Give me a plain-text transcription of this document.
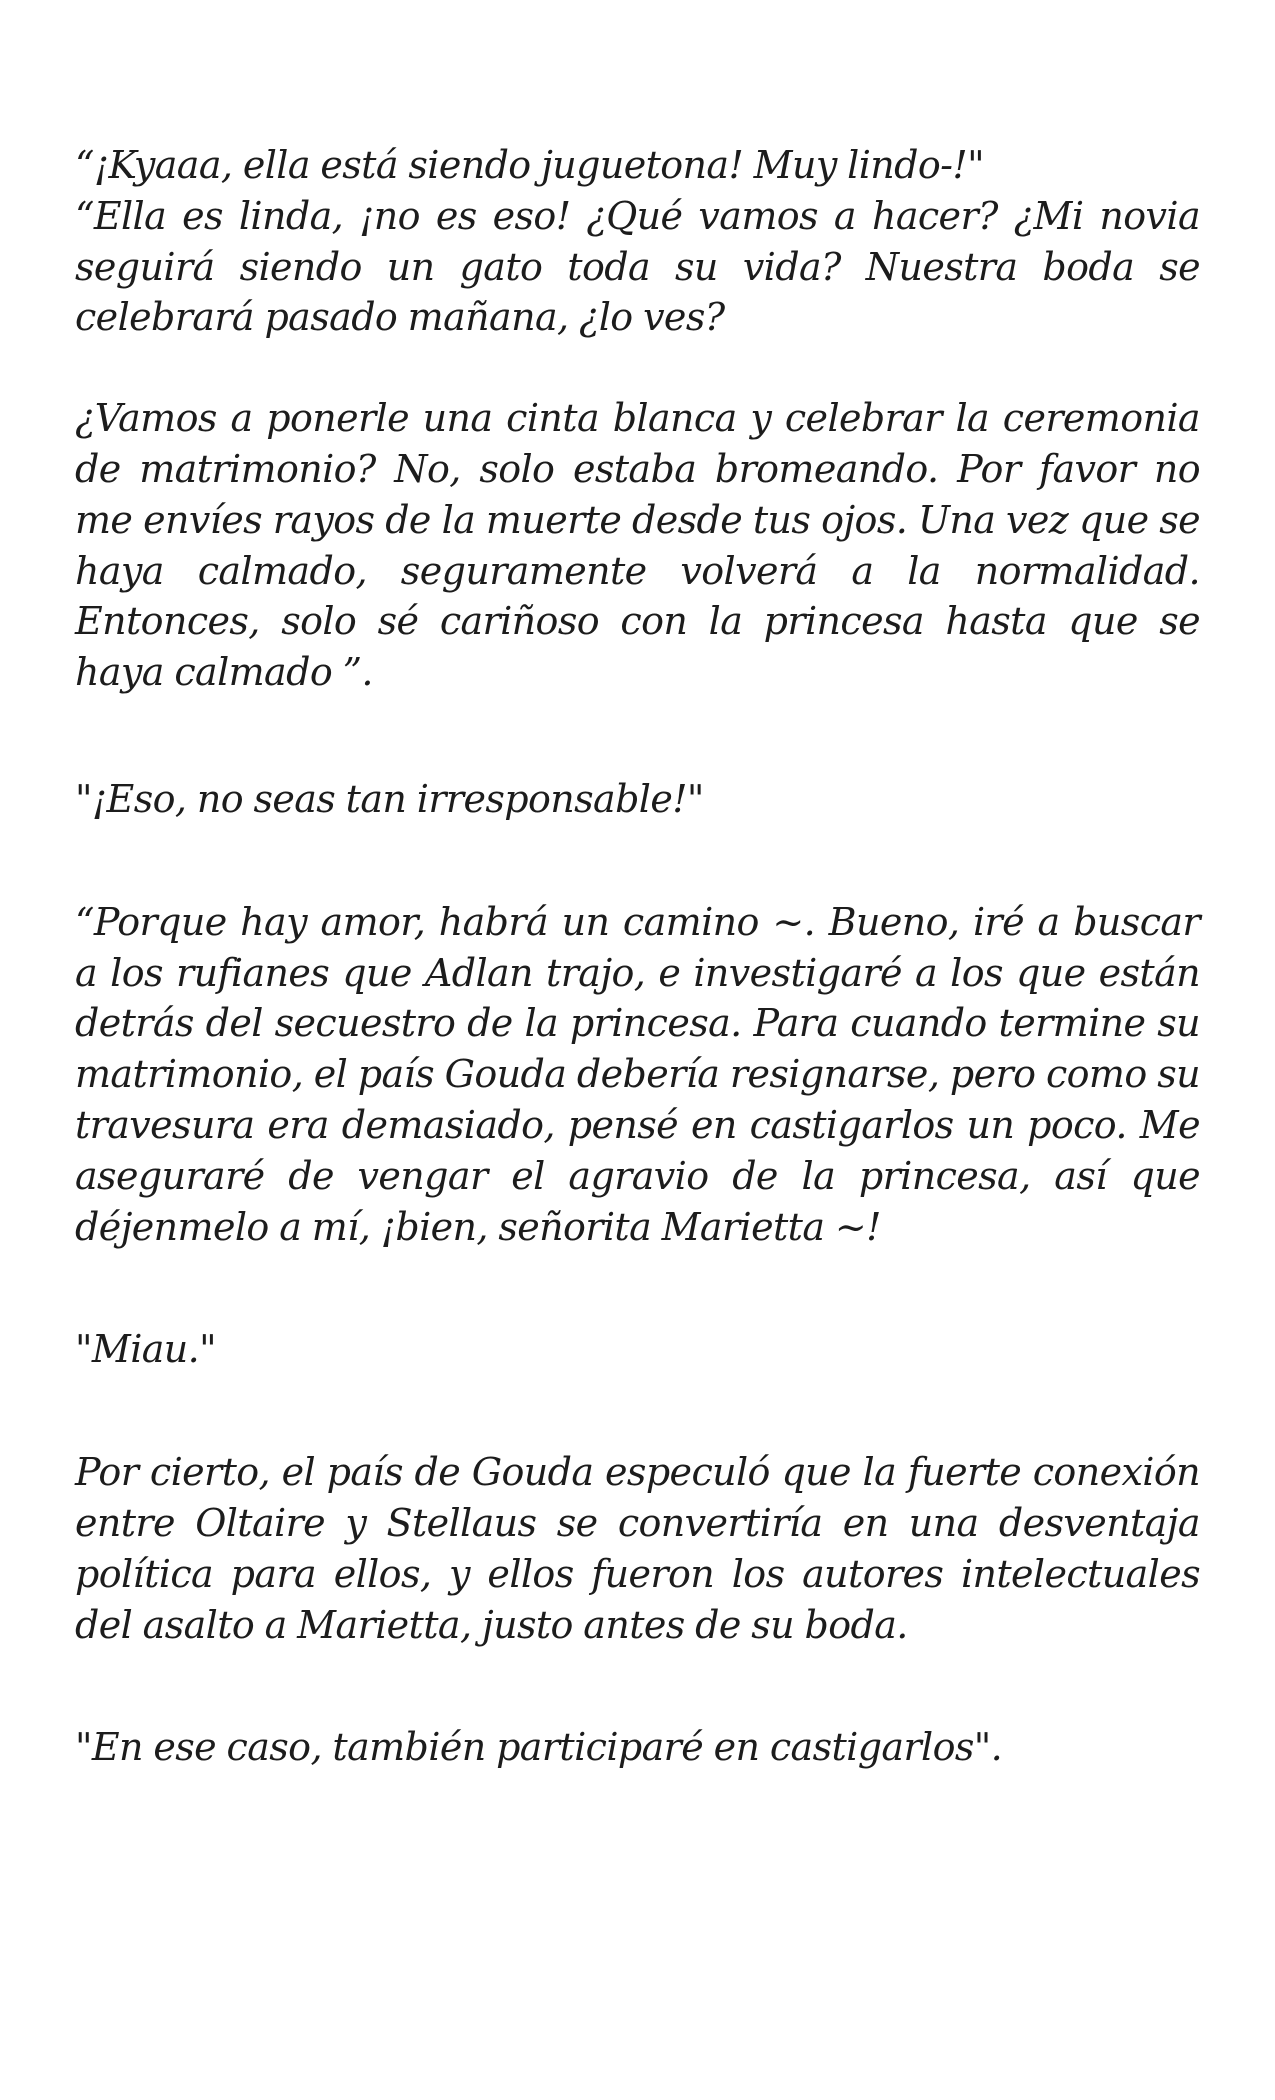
“¡Kyaaa, ella está siendo juguetona! Muy lindo-!"

“Ella es linda, ¡no es eso! ¿Qué vamos a hacer? ¿Mi novia seguirá siendo un gato toda su vida? Nuestra boda se celebrará pasado mañana, ¿lo ves?

¿Vamos a ponerle una cinta blanca y celebrar la ceremonia de matrimonio? No, solo estaba bromeando. Por favor no me envíes rayos de la muerte desde tus ojos. Una vez que se haya calmado, seguramente volverá a la normalidad. Entonces, solo sé cariñoso con la princesa hasta que se haya calmado ”.

"¡Eso, no seas tan irresponsable!"

“Porque hay amor, habrá un camino ~. Bueno, iré a buscar a los rufianes que Adlan trajo, e investigaré a los que están detrás del secuestro de la princesa. Para cuando termine su matrimonio, el país Gouda debería resignarse, pero como su travesura era demasiado, pensé en castigarlos un poco. Me aseguraré de vengar el agravio de la princesa, así que déjenmelo a mí, ¡bien, señorita Marietta ~!

"Miau."

Por cierto, el país de Gouda especuló que la fuerte conexión entre Oltaire y Stellaus se convertiría en una desventaja política para ellos, y ellos fueron los autores intelectuales del asalto a Marietta, justo antes de su boda.

"En ese caso, también participaré en castigarlos".
